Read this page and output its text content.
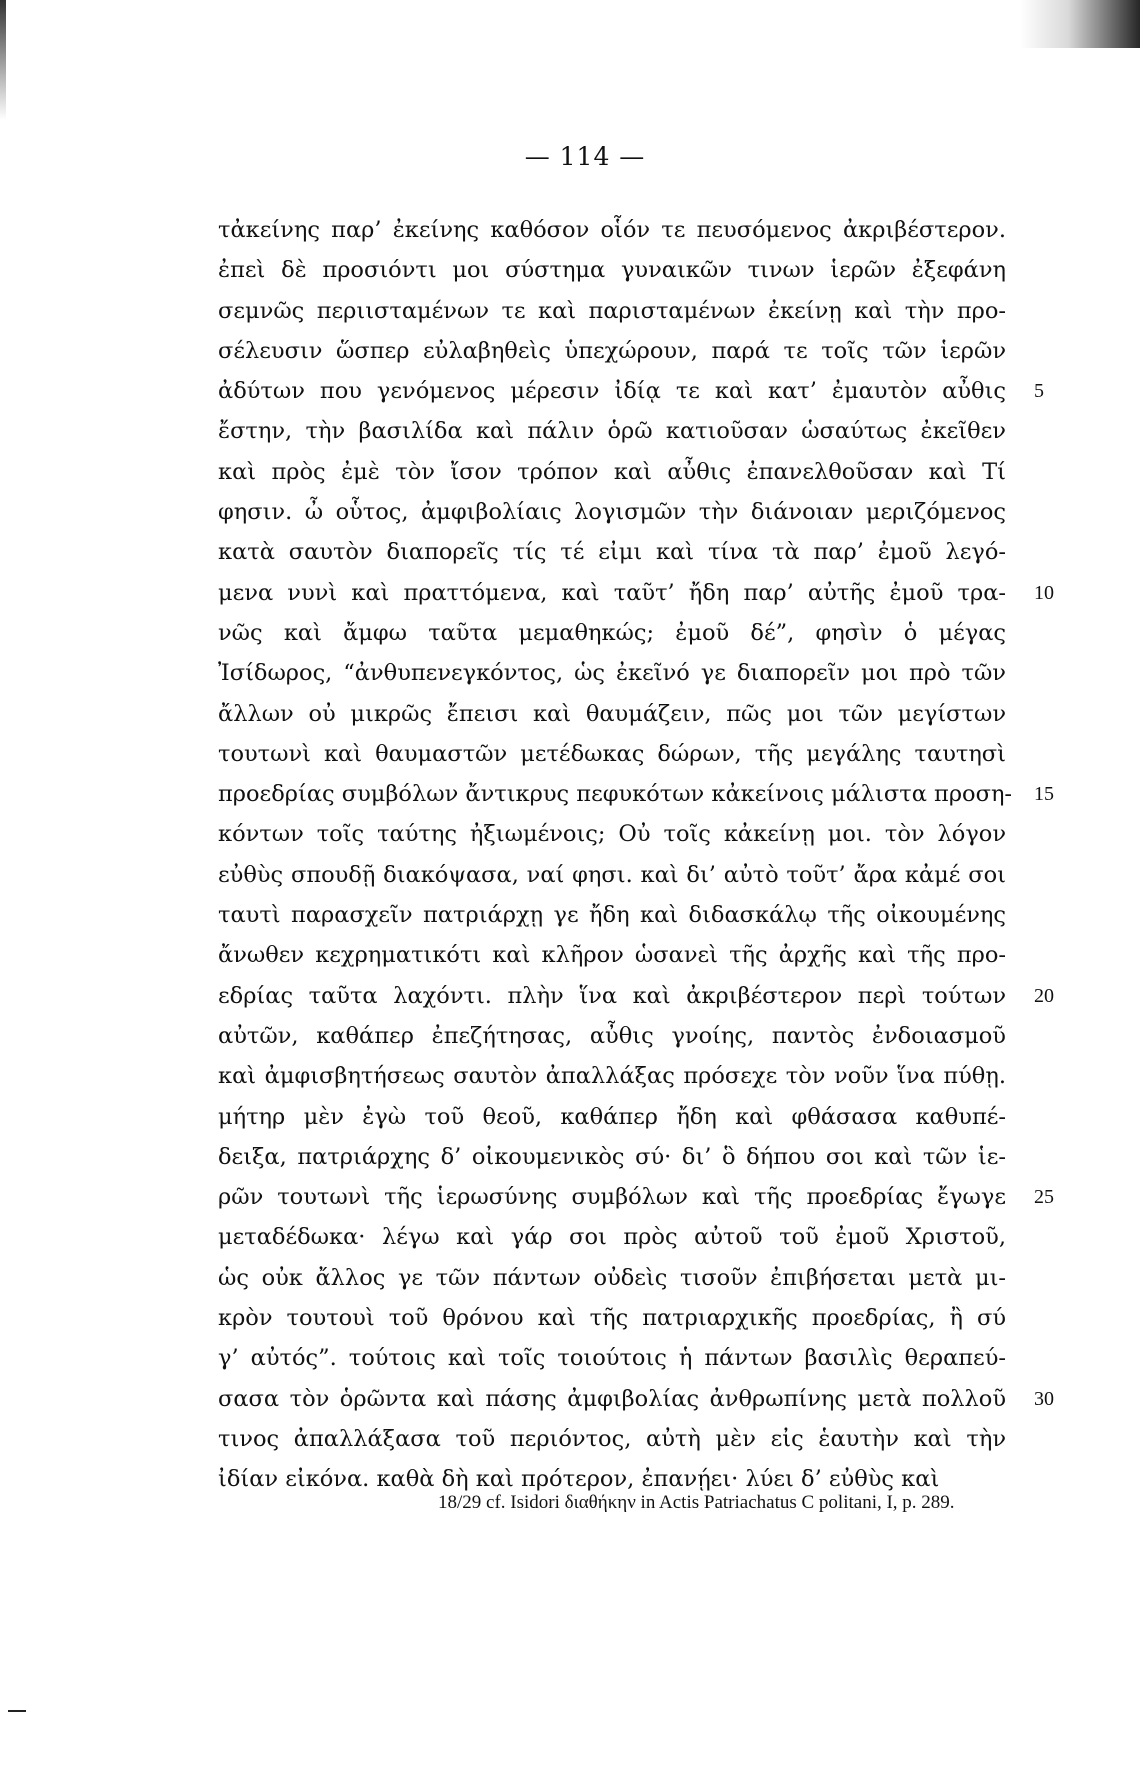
— 114 —
τἀκείνης παρ’ ἐκείνης καθόσον οἷόν τε πευσόμενος ἀκριβέστερον.
ἐπεὶ δὲ προσιόντι μοι σύστημα γυναικῶν τινων ἱερῶν ἐξεφάνη
σεμνῶς περιισταμένων τε καὶ παρισταμένων ἐκείνῃ καὶ τὴν προ-
σέλευσιν ὥσπερ εὐλαβηθεὶς ὑπεχώρουν, παρά τε τοῖς τῶν ἱερῶν
ἀδύτων που γενόμενος μέρεσιν ἰδίᾳ τε καὶ κατ’ ἐμαυτὸν αὖθις 5
ἔστην, τὴν βασιλίδα καὶ πάλιν ὁρῶ κατιοῦσαν ὡσαύτως ἐκεῖθεν
καὶ πρὸς ἐμὲ τὸν ἴσον τρόπον καὶ αὖθις ἐπανελθοῦσαν καὶ Τί
φησιν. ὦ οὗτος, ἀμφιβολίαις λογισμῶν τὴν διάνοιαν μεριζόμενος
κατὰ σαυτὸν διαπορεῖς τίς τέ εἰμι καὶ τίνα τὰ παρ’ ἐμοῦ λεγό-
μενα νυνὶ καὶ πραττόμενα, καὶ ταῦτ’ ἤδη παρ’ αὐτῆς ἐμοῦ τρα- 10
νῶς καὶ ἄμφω ταῦτα μεμαθηκώς; ἐμοῦ δέ”, φησὶν ὁ μέγας
Ἰσίδωρος, “ἀνθυπενεγκόντος, ὡς ἐκεῖνό γε διαπορεῖν μοι πρὸ τῶν
ἄλλων οὐ μικρῶς ἔπεισι καὶ θαυμάζειν, πῶς μοι τῶν μεγίστων
τουτωνὶ καὶ θαυμαστῶν μετέδωκας δώρων, τῆς μεγάλης ταυτησὶ
προεδρίας συμβόλων ἄντικρυς πεφυκότων κἀκείνοις μάλιστα προση- 15
κόντων τοῖς ταύτης ἠξιωμένοις; Οὐ τοῖς κἀκείνῃ μοι. τὸν λόγον
εὐθὺς σπουδῇ διακόψασα, ναί φησι. καὶ δι’ αὐτὸ τοῦτ’ ἄρα κἀμέ σοι
ταυτὶ παρασχεῖν πατριάρχῃ γε ἤδη καὶ διδασκάλῳ τῆς οἰκουμένης
ἄνωθεν κεχρηματικότι καὶ κλῆρον ὡσανεὶ τῆς ἀρχῆς καὶ τῆς προ-
εδρίας ταῦτα λαχόντι. πλὴν ἵνα καὶ ἀκριβέστερον περὶ τούτων 20
αὐτῶν, καθάπερ ἐπεζήτησας, αὖθις γνοίης, παντὸς ἐνδοιασμοῦ
καὶ ἀμφισβητήσεως σαυτὸν ἀπαλλάξας πρόσεχε τὸν νοῦν ἵνα πύθῃ.
μήτηρ μὲν ἐγὼ τοῦ θεοῦ, καθάπερ ἤδη καὶ φθάσασα καθυπέ-
δειξα, πατριάρχης δ’ οἰκουμενικὸς σύ· δι’ ὃ δήπου σοι καὶ τῶν ἱε-
ρῶν τουτωνὶ τῆς ἱερωσύνης συμβόλων καὶ τῆς προεδρίας ἔγωγε 25
μεταδέδωκα· λέγω καὶ γάρ σοι πρὸς αὐτοῦ τοῦ ἐμοῦ Χριστοῦ,
ὡς οὐκ ἄλλος γε τῶν πάντων οὐδεὶς τισοῦν ἐπιβήσεται μετὰ μι-
κρὸν τουτουὶ τοῦ θρόνου καὶ τῆς πατριαρχικῆς προεδρίας, ἢ σύ
γ’ αὐτός”. τούτοις καὶ τοῖς τοιούτοις ἡ πάντων βασιλὶς θεραπεύ-
σασα τὸν ὁρῶντα καὶ πάσης ἀμφιβολίας ἀνθρωπίνης μετὰ πολλοῦ 30
τινος ἀπαλλάξασα τοῦ περιόντος, αὐτὴ μὲν εἰς ἑαυτὴν καὶ τὴν
ἰδίαν εἰκόνα. καθὰ δὴ καὶ πρότερον, ἐπανῄει· λύει δ’ εὐθὺς καὶ
18/29 cf. Isidori διαθήκην in Actis Patriachatus C politani, I, p. 289.
